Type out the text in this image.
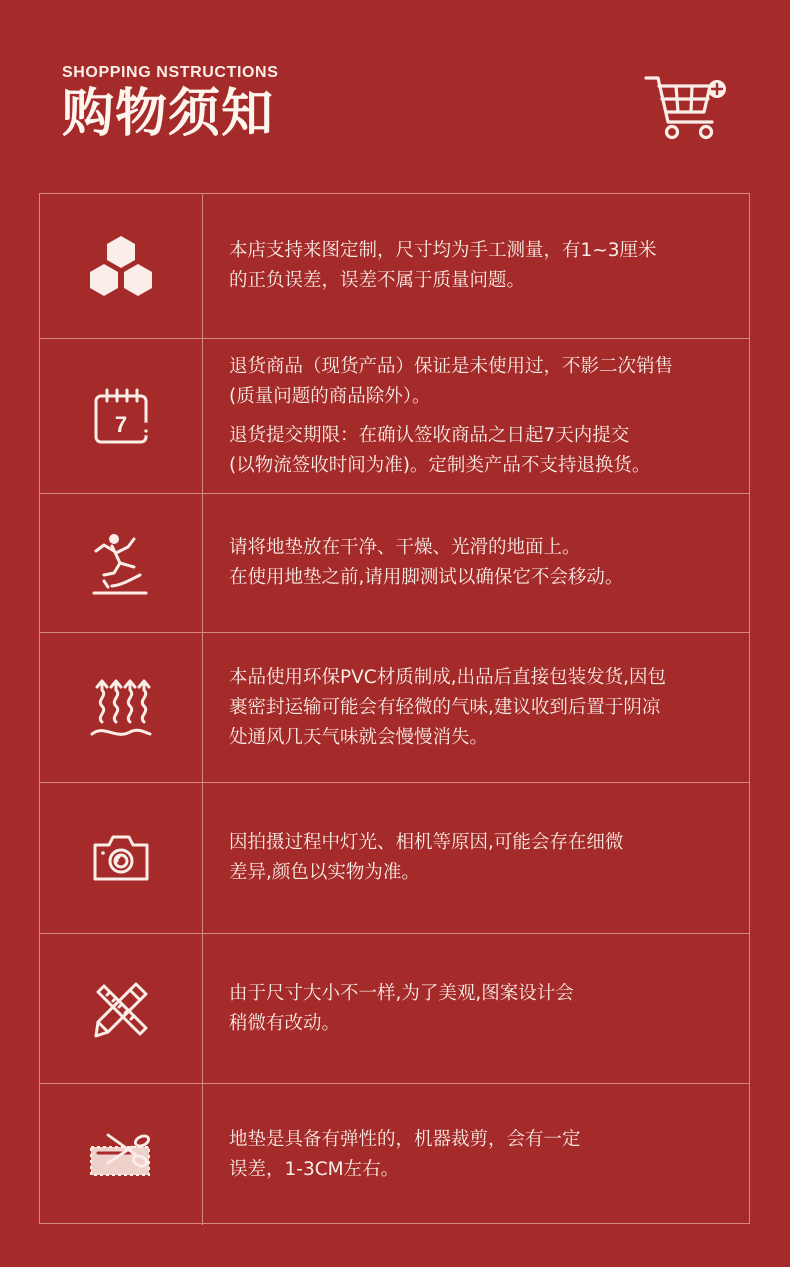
SHOPPING NSTRUCTIONS
购物须知
本店支持来图定制，尺寸均为手工测量，有1~3厘米
的正负误差，误差不属于质量问题。
7
退货商品（现货产品）保证是未使用过，不影二次销售
(质量问题的商品除外）。
退货提交期限：在确认签收商品之日起7天内提交
(以物流签收时间为准)。定制类产品不支持退换货。
请将地垫放在干净、干燥、光滑的地面上。
在使用地垫之前,请用脚测试以确保它不会移动。
本品使用环保PVC材质制成,出品后直接包装发货,因包
裹密封运输可能会有轻微的气味,建议收到后置于阴凉
处通风几天气味就会慢慢消失。
因拍摄过程中灯光、相机等原因,可能会存在细微
差异,颜色以实物为准。
由于尺寸大小不一样,为了美观,图案设计会
稍微有改动。
地垫是具备有弹性的，机器裁剪，会有一定
误差，1-3CM左右。
